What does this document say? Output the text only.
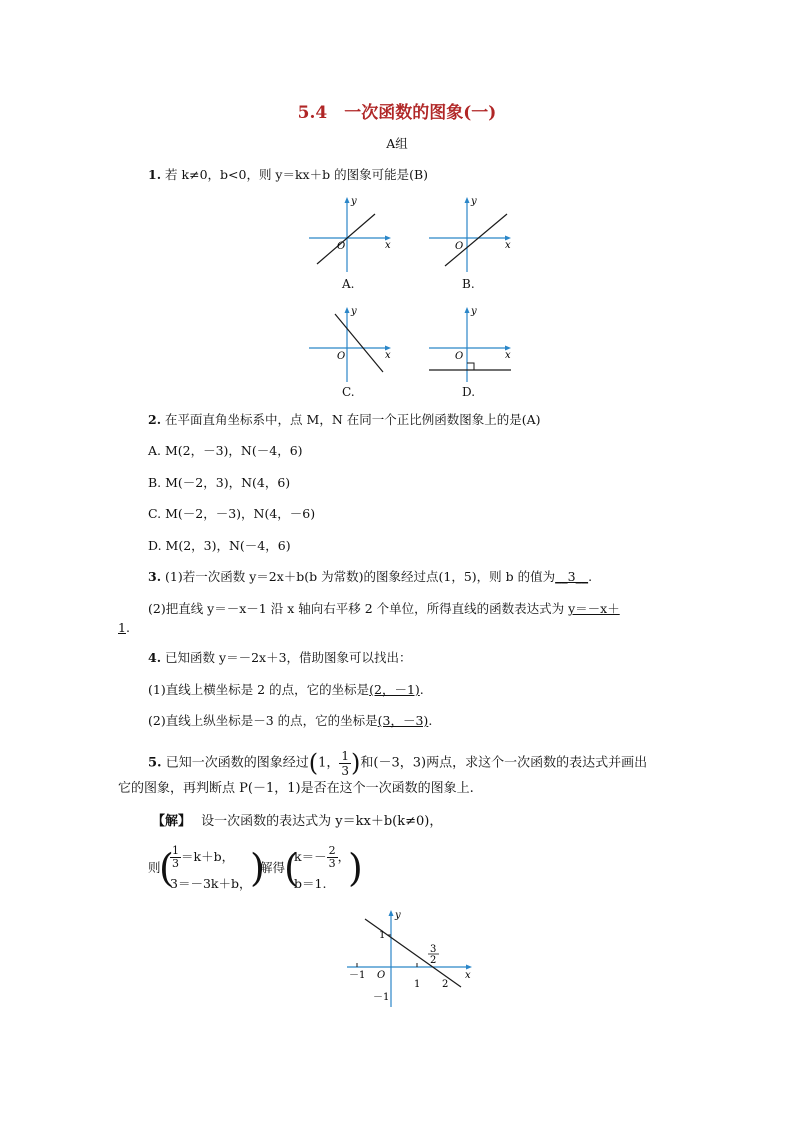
5.4　一次函数的图象(一)
A组
1. 若 k≠0，b<0，则 y＝kx＋b 的图象可能是(B)
y
x
O
A.
y
x
O
B.
y
x
O
C.
y
x
O
D.
2. 在平面直角坐标系中，点 M，N 在同一个正比例函数图象上的是(A)
A. M(2，－3)，N(－4，6)
B. M(－2，3)，N(4，6)
C. M(－2，－3)，N(4，－6)
D. M(2，3)，N(－4，6)
3. (1)若一次函数 y＝2x＋b(b 为常数)的图象经过点(1，5)，则 b 的值为__3__.
(2)把直线 y＝－x－1 沿 x 轴向右平移 2 个单位，所得直线的函数表达式为 y＝－x＋
1.
4. 已知函数 y＝－2x＋3，借助图象可以找出：
(1)直线上横坐标是 2 的点，它的坐标是(2，－1).
(2)直线上纵坐标是－3 的点，它的坐标是(3，－3).
5. 已知一次函数的图象经过(1， $\frac{1}{3}$ )和(－3，3)两点，求这个一次函数的表达式并画出
它的图象，再判断点 P(－1，1)是否在这个一次函数的图象上.
【解】 设一次函数的表达式为 y＝kx＋b(k≠0)，
则
(
$\frac{1}{3} =k+b$，
3＝－3k＋b，
)
解得
(
$k=- \frac{2}{3}$ ，
b＝1. )
y
x
O
－1
1 2
1
－1
3
2
